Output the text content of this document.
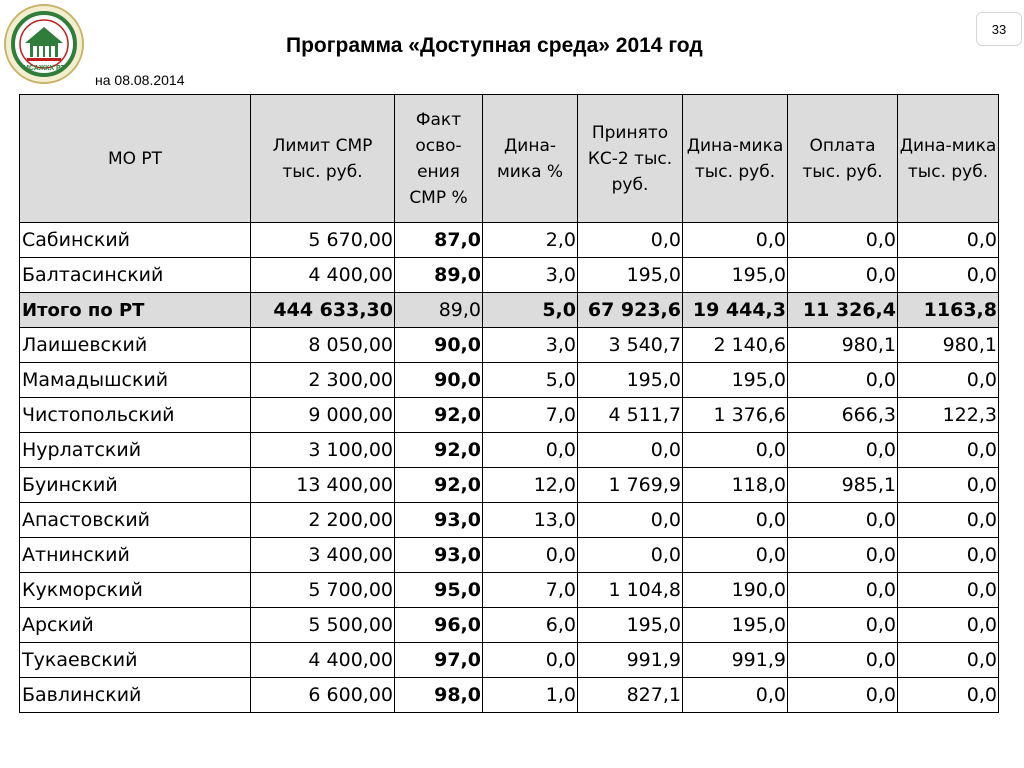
МСАЖКХ РТ
33
Программа «Доступная среда» 2014 год
на 08.08.2014
МО РТ	Лимит СМР тыс. руб.	Факт осво-ения СМР %	Дина-мика %	Принято КС-2 тыс. руб.	Дина-мика тыс. руб.	Оплата тыс. руб.	Дина-мика тыс. руб.
Сабинский	5 670,00	87,0	2,0	0,0	0,0	0,0	0,0
Балтасинский	4 400,00	89,0	3,0	195,0	195,0	0,0	0,0
Итого по РТ	444 633,30	89,0	5,0	67 923,6	19 444,3	11 326,4	1163,8
Лаишевский	8 050,00	90,0	3,0	3 540,7	2 140,6	980,1	980,1
Мамадышский	2 300,00	90,0	5,0	195,0	195,0	0,0	0,0
Чистопольский	9 000,00	92,0	7,0	4 511,7	1 376,6	666,3	122,3
Нурлатский	3 100,00	92,0	0,0	0,0	0,0	0,0	0,0
Буинский	13 400,00	92,0	12,0	1 769,9	118,0	985,1	0,0
Апастовский	2 200,00	93,0	13,0	0,0	0,0	0,0	0,0
Атнинский	3 400,00	93,0	0,0	0,0	0,0	0,0	0,0
Кукморский	5 700,00	95,0	7,0	1 104,8	190,0	0,0	0,0
Арский	5 500,00	96,0	6,0	195,0	195,0	0,0	0,0
Тукаевский	4 400,00	97,0	0,0	991,9	991,9	0,0	0,0
Бавлинский	6 600,00	98,0	1,0	827,1	0,0	0,0	0,0
